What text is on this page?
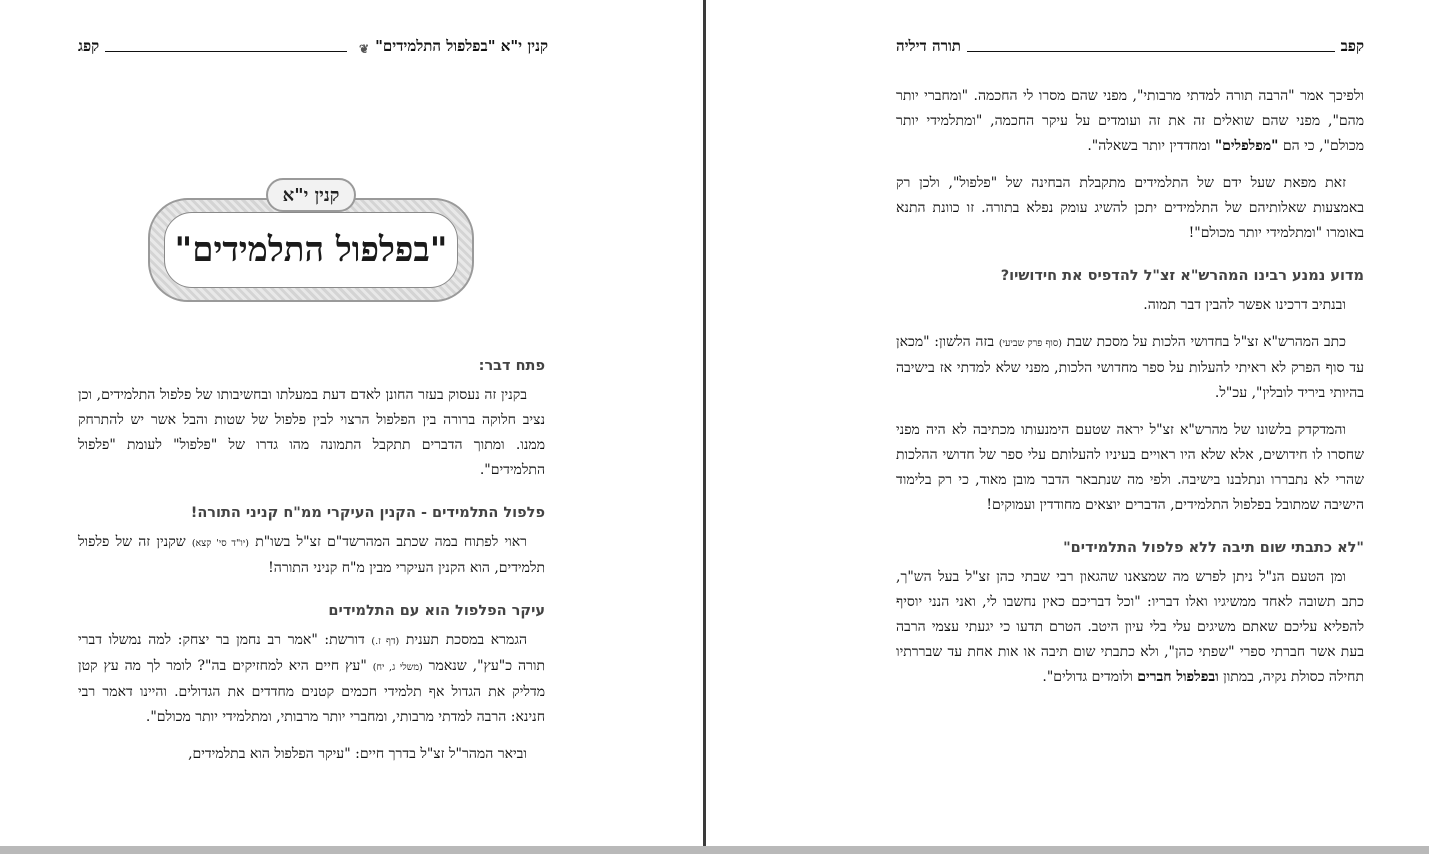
קנין י"א "בפלפול התלמידים"
❦
קפג
"בפלפול התלמידים"
קנין י"א
פתח דבר:

בקנין זה נעסוק בעזר החונן לאדם דעת במעלתו ובחשיבותו של פלפול התלמידים, וכן נציב חלוקה ברורה בין הפלפול הרצוי לבין פלפול של שטות והבל אשר יש להתרחק ממנו. ומתוך הדברים תתקבל התמונה מהו גדרו של "פלפול" לעומת "פלפול התלמידים".

פלפול התלמידים - הקנין העיקרי ממ"ח קניני התורה!

ראוי לפתוח במה שכתב המהרשד"ם זצ"ל בשו"ת (יו"ד סי' קצא) שקנין זה של פלפול תלמידים, הוא הקנין העיקרי מבין מ"ח קניני התורה!

עיקר הפלפול הוא עם התלמידים

הגמרא במסכת תענית (דף ז.) דורשת: "אמר רב נחמן בר יצחק: למה נמשלו דברי תורה כ"עץ", שנאמר (משלי ג, יח) "עץ חיים היא למחזיקים בה"? לומר לך מה עץ קטן מדליק את הגדול אף תלמידי חכמים קטנים מחדדים את הגדולים. והיינו דאמר רבי חנינא: הרבה למדתי מרבותי, ומחברי יותר מרבותי, ומתלמידי יותר מכולם".

וביאר המהר"ל זצ"ל בדרך חיים: "עיקר הפלפול הוא בתלמידים,

קפב
תורה דיליה

ולפיכך אמר "הרבה תורה למדתי מרבותי", מפני שהם מסרו לי החכמה. "ומחברי יותר מהם", מפני שהם שואלים זה את זה ועומדים על עיקר החכמה, "ומתלמידי יותר מכולם", כי הם "מפלפלים" ומחדדין יותר בשאלה".

זאת מפאת שעל ידם של התלמידים מתקבלת הבחינה של "פלפול", ולכן רק באמצעות שאלותיהם של התלמידים יתכן להשיג עומק נפלא בתורה. זו כוונת התנא באומרו "ומתלמידי יותר מכולם"!

מדוע נמנע רבינו המהרש"א זצ"ל להדפיס את חידושיו?

ובנתיב דרכינו אפשר להבין דבר תמוה.

כתב המהרש"א זצ"ל בחדושי הלכות על מסכת שבת (סוף פרק שביעי) בזה הלשון: "מכאן עד סוף הפרק לא ראיתי להעלות על ספר מחדושי הלכות, מפני שלא למדתי אז בישיבה בהיותי ביריד לובלין", עכ"ל.

והמדקדק בלשונו של מהרש"א זצ"ל יראה שטעם הימנעותו מכתיבה לא היה מפני שחסרו לו חידושים, אלא שלא היו ראויים בעיניו להעלותם עלי ספר של חדושי ההלכות שהרי לא נתבררו ונתלבנו בישיבה. ולפי מה שנתבאר הדבר מובן מאוד, כי רק בלימוד הישיבה שמתובל בפלפול התלמידים, הדברים יוצאים מחודדין ועמוקים!

"לא כתבתי שום תיבה ללא פלפול התלמידים"

ומן הטעם הנ"ל ניתן לפרש מה שמצאנו שהגאון רבי שבתי כהן זצ"ל בעל הש"ך, כתב תשובה לאחד ממשיגיו ואלו דבריו: "וכל דבריכם כאין נחשבו לי, ואני הנני יוסיף להפליא עליכם שאתם משיגים עלי בלי עיון היטב. הטרם תדעו כי יגעתי עצמי הרבה בעת אשר חברתי ספרי "שפתי כהן", ולא כתבתי שום תיבה או אות אחת עד שבררתיו תחילה כסולת נקיה, במתון ובפלפול חברים ולומדים גדולים".
